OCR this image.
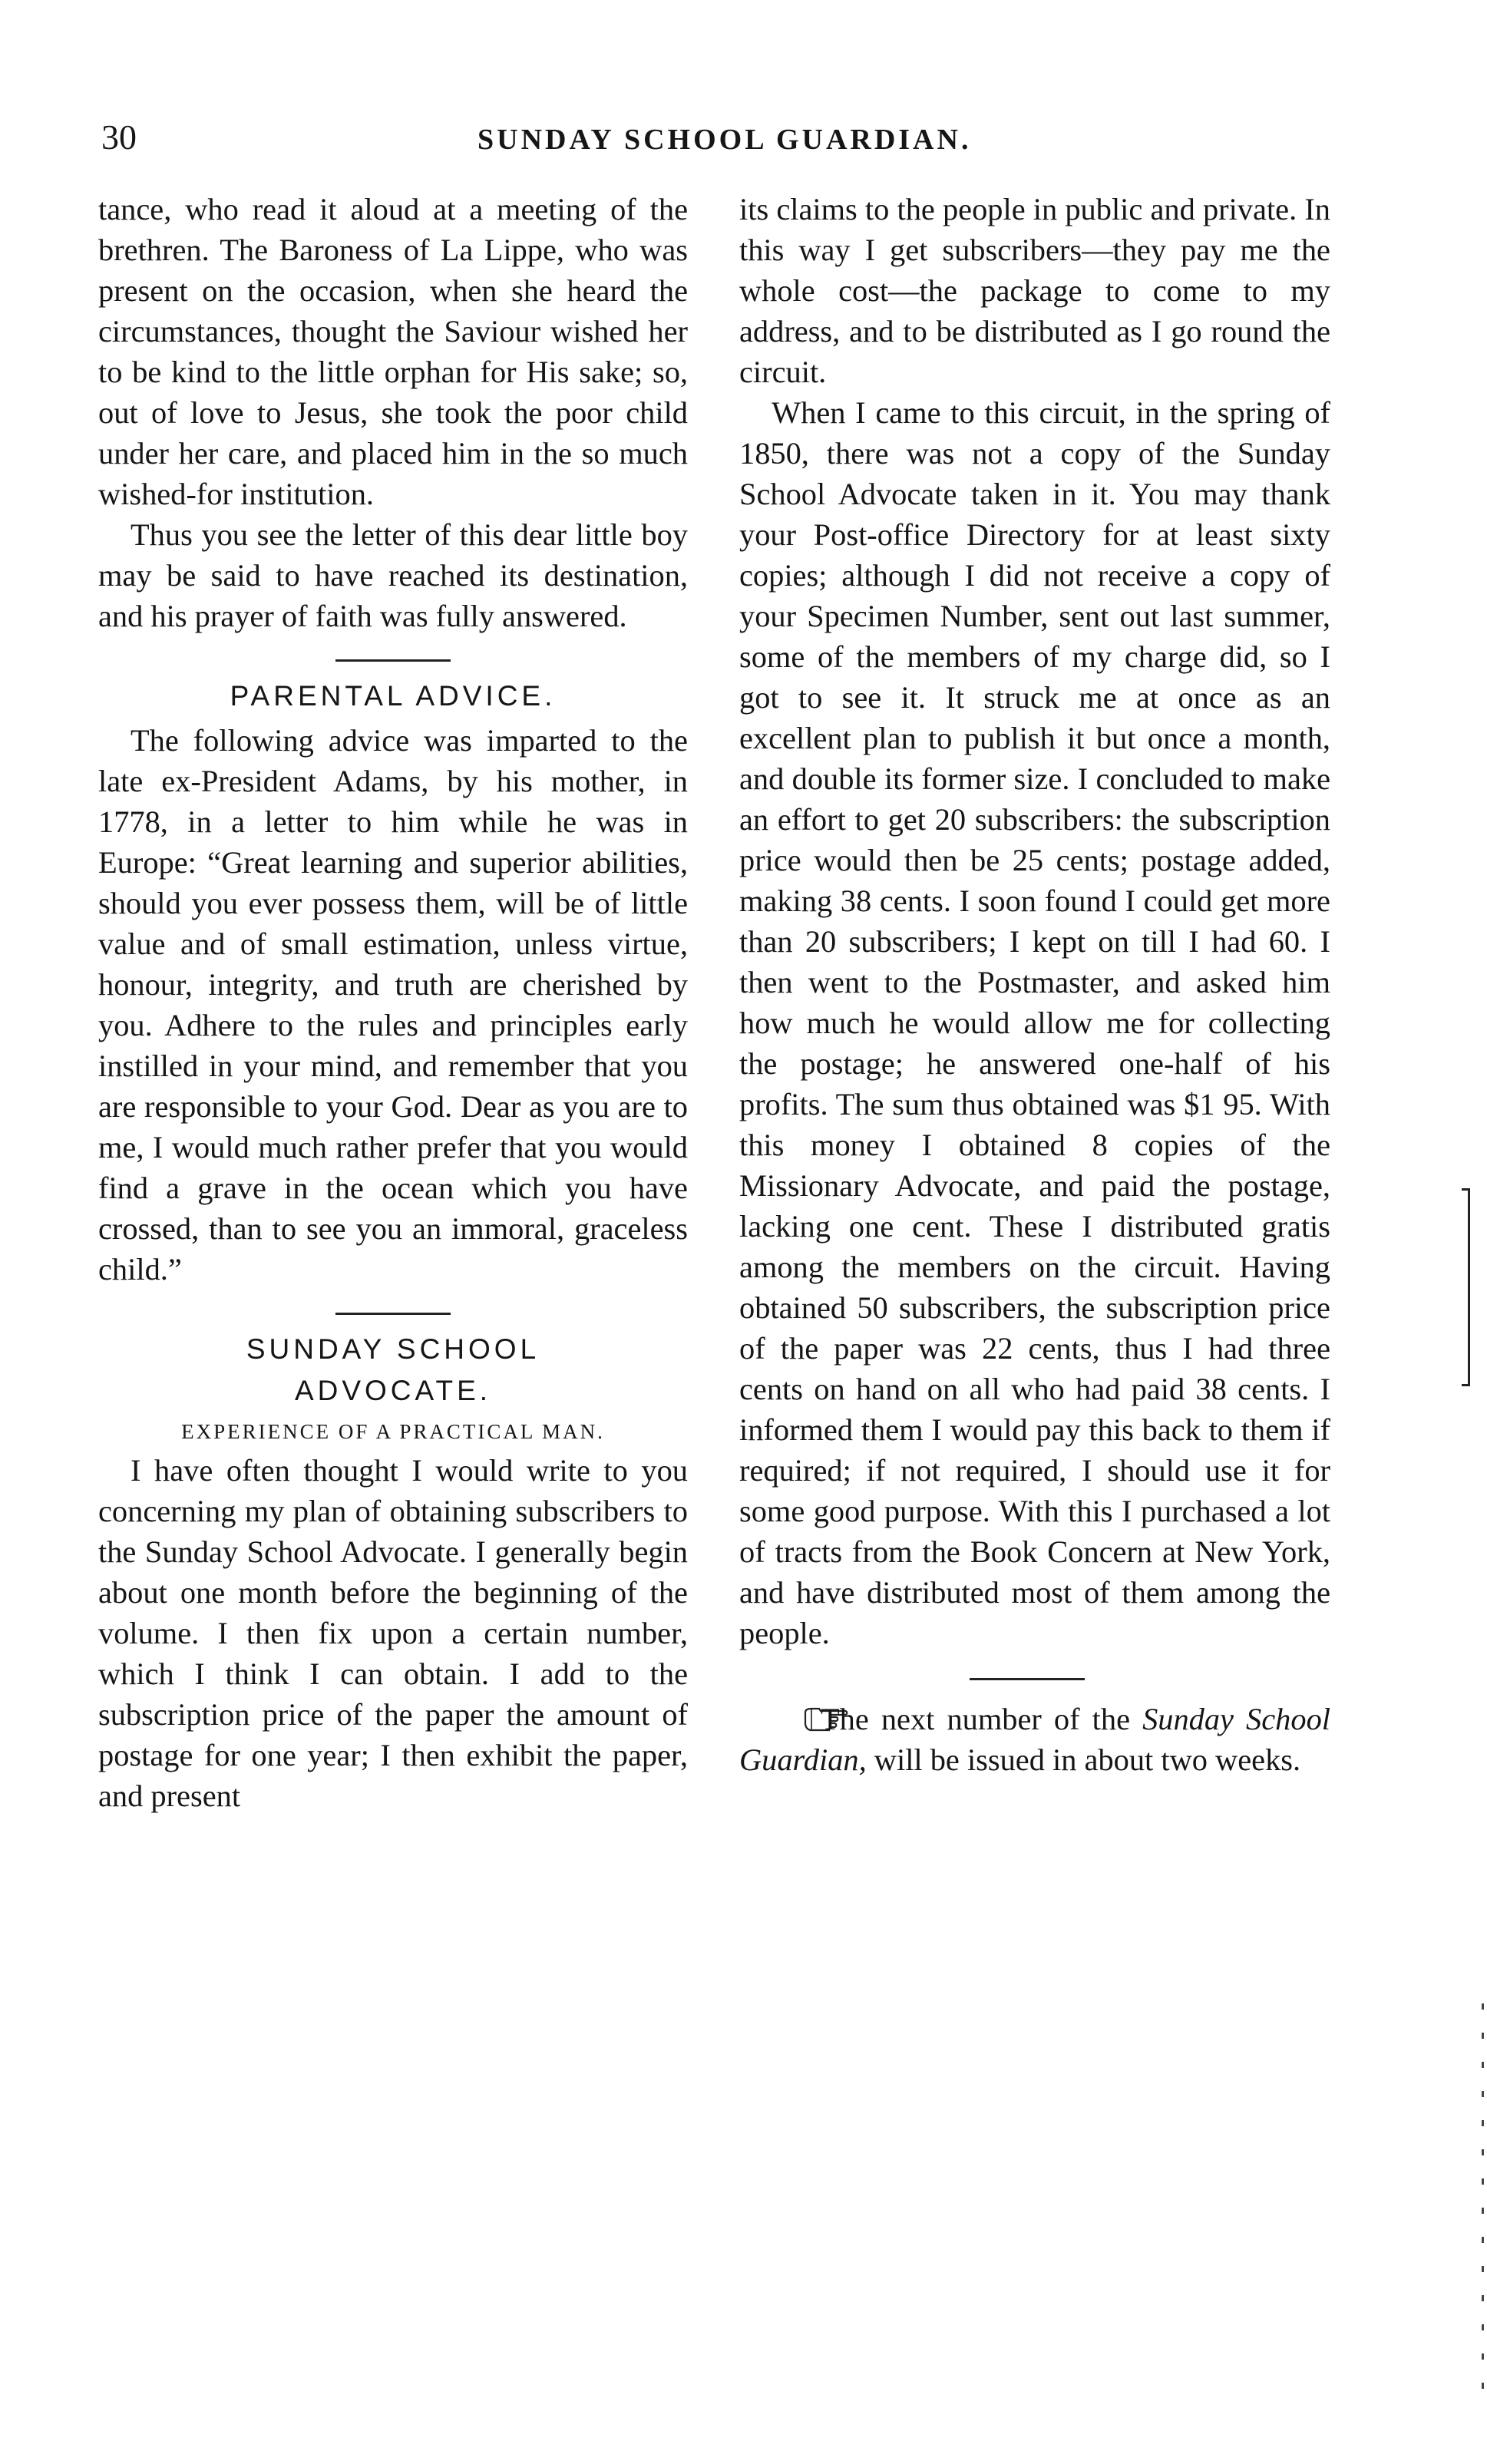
30	SUNDAY SCHOOL GUARDIAN.

tance, who read it aloud at a meeting of the brethren. The Baroness of La Lippe, who was present on the occasion, when she heard the circumstances, thought the Saviour wished her to be kind to the little orphan for His sake; so, out of love to Jesus, she took the poor child under her care, and placed him in the so much wished-for institution.

Thus you see the letter of this dear little boy may be said to have reached its destination, and his prayer of faith was fully answered.

PARENTAL ADVICE.

The following advice was imparted to the late ex-President Adams, by his mother, in 1778, in a letter to him while he was in Europe: “Great learning and superior abilities, should you ever possess them, will be of little value and of small estimation, unless virtue, honour, integrity, and truth are cherished by you. Adhere to the rules and principles early instilled in your mind, and remember that you are responsible to your God. Dear as you are to me, I would much rather prefer that you would find a grave in the ocean which you have crossed, than to see you an immoral, graceless child.”

SUNDAY SCHOOL
ADVOCATE.
EXPERIENCE OF A PRACTICAL MAN.

I have often thought I would write to you concerning my plan of obtaining subscribers to the Sunday School Advocate. I generally begin about one month before the beginning of the volume. I then fix upon a certain number, which I think I can obtain. I add to the subscription price of the paper the amount of postage for one year; I then exhibit the paper, and present

its claims to the people in public and private. In this way I get subscribers—they pay me the whole cost—the package to come to my address, and to be distributed as I go round the circuit.

When I came to this circuit, in the spring of 1850, there was not a copy of the Sunday School Advocate taken in it. You may thank your Post-office Directory for at least sixty copies; although I did not receive a copy of your Specimen Number, sent out last summer, some of the members of my charge did, so I got to see it. It struck me at once as an excellent plan to publish it but once a month, and double its former size. I concluded to make an effort to get 20 subscribers: the subscription price would then be 25 cents; postage added, making 38 cents. I soon found I could get more than 20 subscribers; I kept on till I had 60. I then went to the Postmaster, and asked him how much he would allow me for collecting the postage; he answered one-half of his profits. The sum thus obtained was $1 95. With this money I obtained 8 copies of the Missionary Advocate, and paid the postage, lacking one cent. These I distributed gratis among the members on the circuit. Having obtained 50 subscribers, the subscription price of the paper was 22 cents, thus I had three cents on hand on all who had paid 38 cents. I informed them I would pay this back to them if required; if not required, I should use it for some good purpose. With this I purchased a lot of tracts from the Book Concern at New York, and have distributed most of them among the people.

The next number of the Sunday School Guardian, will be issued in about two weeks.
